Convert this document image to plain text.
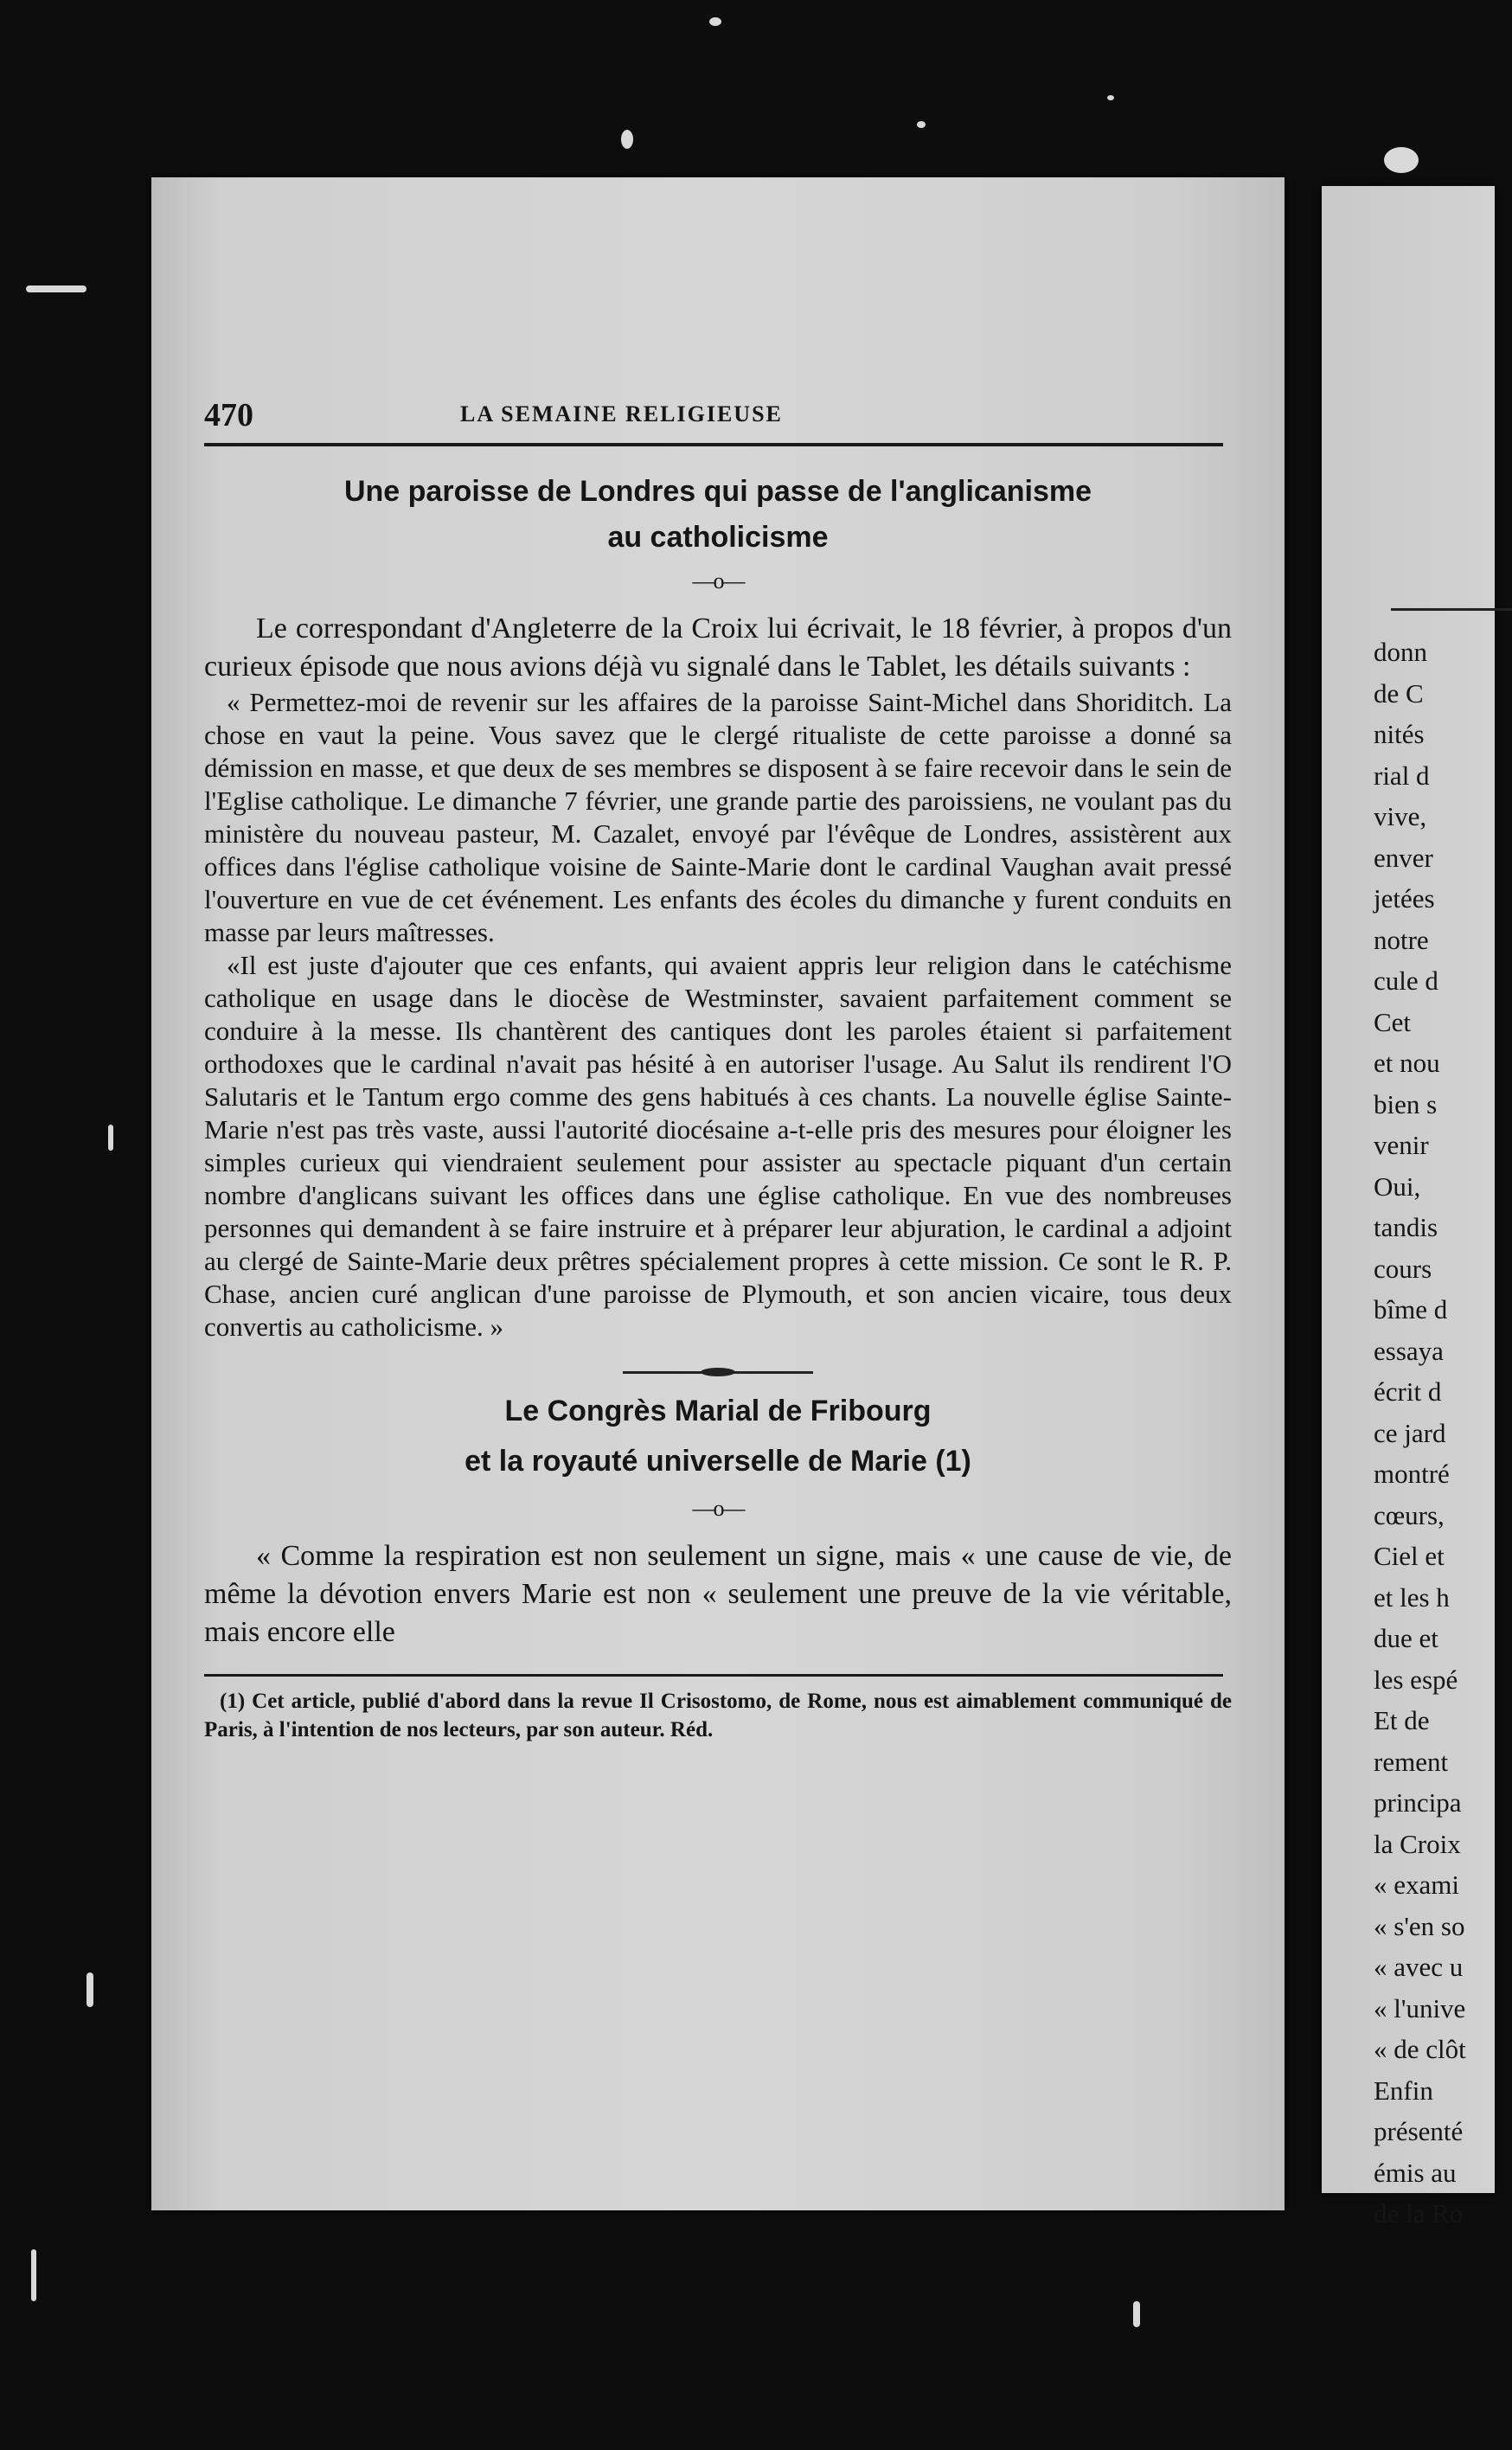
donn
de C
nités
rial d
vive,
enver
jetées
notre
cule d
Cet
et nou
bien s
venir
Oui,
tandis
cours
bîme d
essaya
écrit d
ce jard
montré
cœurs,
Ciel et
et les h
due et
les espé
Et de
rement
principa
la Croix
« exami
« s'en so
« avec u
« l'unive
« de clôt
Enfin
présenté
émis au
de la Ro
470	LA SEMAINE RELIGIEUSE
Une paroisse de Londres qui passe de l'anglicanisme
au catholicisme
—o—

Le correspondant d'Angleterre de la Croix lui écrivait, le 18 février, à propos d'un curieux épisode que nous avions déjà vu signalé dans le Tablet, les détails suivants :

« Permettez-moi de revenir sur les affaires de la paroisse Saint-Michel dans Shoriditch. La chose en vaut la peine. Vous savez que le clergé ritualiste de cette paroisse a donné sa démission en masse, et que deux de ses membres se disposent à se faire recevoir dans le sein de l'Eglise catholique. Le dimanche 7 février, une grande partie des paroissiens, ne voulant pas du ministère du nouveau pasteur, M. Cazalet, envoyé par l'évêque de Londres, assistèrent aux offices dans l'église catholique voisine de Sainte-Marie dont le cardinal Vaughan avait pressé l'ouverture en vue de cet événement. Les enfants des écoles du dimanche y furent conduits en masse par leurs maîtresses.

«Il est juste d'ajouter que ces enfants, qui avaient appris leur religion dans le catéchisme catholique en usage dans le diocèse de Westminster, savaient parfaitement comment se conduire à la messe. Ils chantèrent des cantiques dont les paroles étaient si parfaitement orthodoxes que le cardinal n'avait pas hésité à en autoriser l'usage. Au Salut ils rendirent l'O Salutaris et le Tantum ergo comme des gens habitués à ces chants. La nouvelle église Sainte-Marie n'est pas très vaste, aussi l'autorité diocésaine a-t-elle pris des mesures pour éloigner les simples curieux qui viendraient seulement pour assister au spectacle piquant d'un certain nombre d'anglicans suivant les offices dans une église catholique. En vue des nombreuses personnes qui demandent à se faire instruire et à préparer leur abjuration, le cardinal a adjoint au clergé de Sainte-Marie deux prêtres spécialement propres à cette mission. Ce sont le R. P. Chase, ancien curé anglican d'une paroisse de Plymouth, et son ancien vicaire, tous deux convertis au catholicisme. »

Le Congrès Marial de Fribourg
et la royauté universelle de Marie (1)
—o—

« Comme la respiration est non seulement un signe, mais « une cause de vie, de même la dévotion envers Marie est non « seulement une preuve de la vie véritable, mais encore elle

(1) Cet article, publié d'abord dans la revue Il Crisostomo, de Rome, nous est aimablement communiqué de Paris, à l'intention de nos lecteurs, par son auteur. Réd.
